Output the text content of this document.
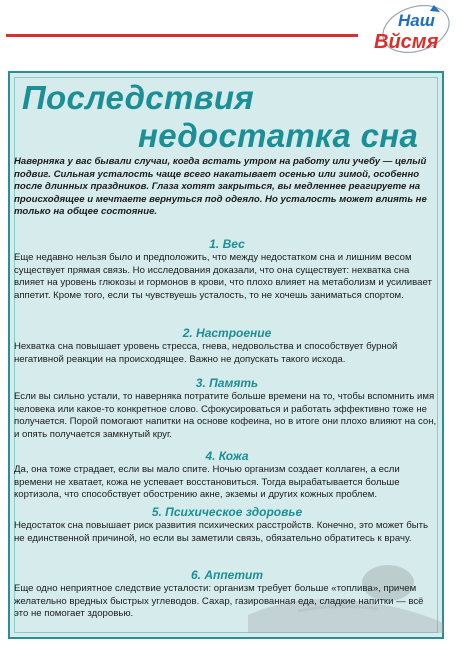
Наш
Вйсмя
Последствия
недостатка сна

Наверняка у вас бывали случаи, когда встать утром на работу или учебу — целый подвиг. Сильная усталость чаще всего накатывает осенью или зимой, особенно после длинных праздников. Глаза хотят закрыться, вы медленнее реагируете на происходящее и мечтаете вернуться под одеяло. Но усталость может влиять не только на общее состояние.

1. Вес

Еще недавно нельзя было и предположить, что между недостатком сна и лишним весом существует прямая связь. Но исследования доказали, что она существует: нехватка сна влияет на уровень глюкозы и гормонов в крови, что плохо влияет на метаболизм и усиливает аппетит. Кроме того, если ты чувствуешь усталость, то не хочешь заниматься спортом.

2. Настроение

Нехватка сна повышает уровень стресса, гнева, недовольства и способствует бурной негативной реакции на происходящее. Важно не допускать такого исхода.

3. Память

Если вы сильно устали, то наверняка потратите больше времени на то, чтобы вспомнить имя человека или какое-то конкретное слово. Сфокусироваться и работать эффективно тоже не получается. Порой помогают напитки на основе кофеина, но в итоге они плохо влияют на сон, и опять получается замкнутый круг.

4. Кожа

Да, она тоже страдает, если вы мало спите. Ночью организм создает коллаген, а если времени не хватает, кожа не успевает восстановиться. Тогда вырабатывается больше кортизола, что способствует обострению акне, экземы и других кожных проблем.

5. Психическое здоровье

Недостаток сна повышает риск развития психических расстройств. Конечно, это может быть не единственной причиной, но если вы заметили связь, обязательно обратитесь к врачу.

6. Аппетит

Еще одно неприятное следствие усталости: организм требует больше «топлива», причем желательно вредных быстрых углеводов. Сахар, газированная еда, сладкие напитки — всё это не помогает здоровью.
